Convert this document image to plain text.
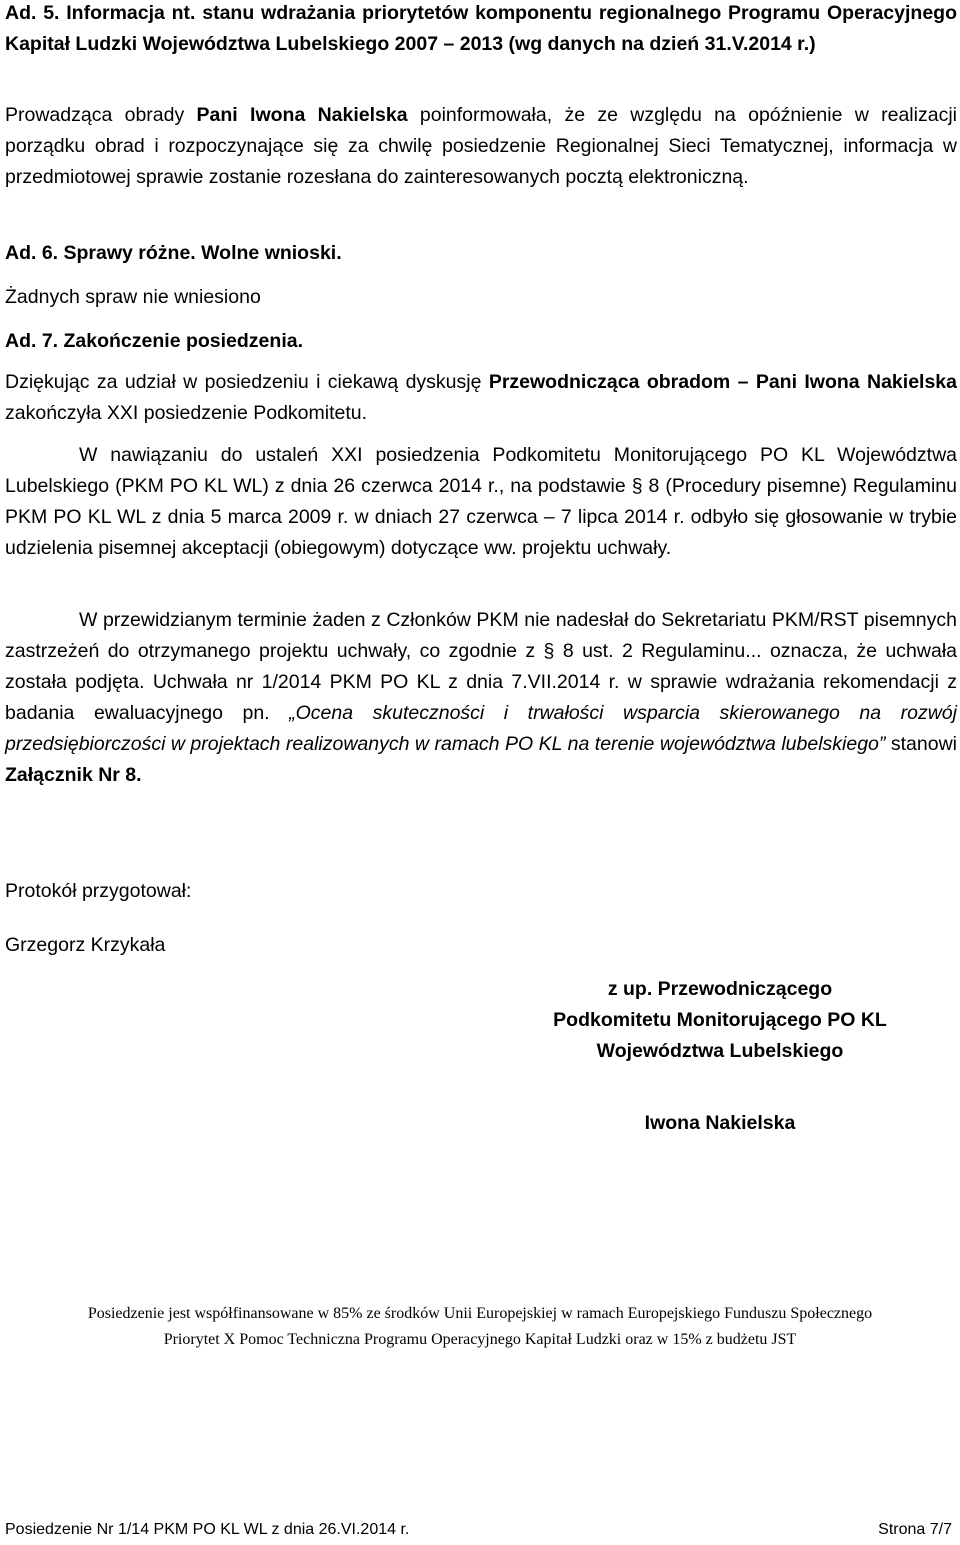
Ad. 5. Informacja nt. stanu wdrażania priorytetów komponentu regionalnego Programu Operacyjnego Kapitał Ludzki Województwa Lubelskiego 2007 – 2013 (wg danych na dzień 31.V.2014 r.)

Prowadząca obrady Pani Iwona Nakielska poinformowała, że ze względu na opóźnienie w realizacji porządku obrad i rozpoczynające się za chwilę posiedzenie Regionalnej Sieci Tematycznej, informacja w przedmiotowej sprawie zostanie rozesłana do zainteresowanych pocztą elektroniczną.

Ad. 6. Sprawy różne. Wolne wnioski.

Żadnych spraw nie wniesiono

Ad. 7. Zakończenie posiedzenia.

Dziękując za udział w posiedzeniu i ciekawą dyskusję Przewodnicząca obradom – Pani Iwona Nakielska zakończyła XXI posiedzenie Podkomitetu.

W nawiązaniu do ustaleń XXI posiedzenia Podkomitetu Monitorującego PO KL Województwa Lubelskiego (PKM PO KL WL) z dnia 26 czerwca 2014 r., na podstawie § 8 (Procedury pisemne) Regulaminu PKM PO KL WL z dnia 5 marca 2009 r. w dniach 27 czerwca – 7 lipca 2014 r. odbyło się głosowanie w trybie udzielenia pisemnej akceptacji (obiegowym) dotyczące ww. projektu uchwały.

W przewidzianym terminie żaden z Członków PKM nie nadesłał do Sekretariatu PKM/RST pisemnych zastrzeżeń do otrzymanego projektu uchwały, co zgodnie z § 8 ust. 2 Regulaminu... oznacza, że uchwała została podjęta. Uchwała nr 1/2014 PKM PO KL z dnia 7.VII.2014 r. w sprawie wdrażania rekomendacji z badania ewaluacyjnego pn. „Ocena skuteczności i trwałości wsparcia skierowanego na rozwój przedsiębiorczości w projektach realizowanych w ramach PO KL na terenie województwa lubelskiego” stanowi Załącznik Nr 8.

Protokół przygotował:

Grzegorz Krzykała

z up. Przewodniczącego

Podkomitetu Monitorującego PO KL

Województwa Lubelskiego

Iwona Nakielska

Posiedzenie jest współfinansowane w 85% ze środków Unii Europejskiej w ramach Europejskiego Funduszu Społecznego

Priorytet X Pomoc Techniczna Programu Operacyjnego Kapitał Ludzki oraz w 15% z budżetu JST

Posiedzenie Nr 1/14 PKM PO KL WL z dnia 26.VI.2014 r.	Strona 7/7
